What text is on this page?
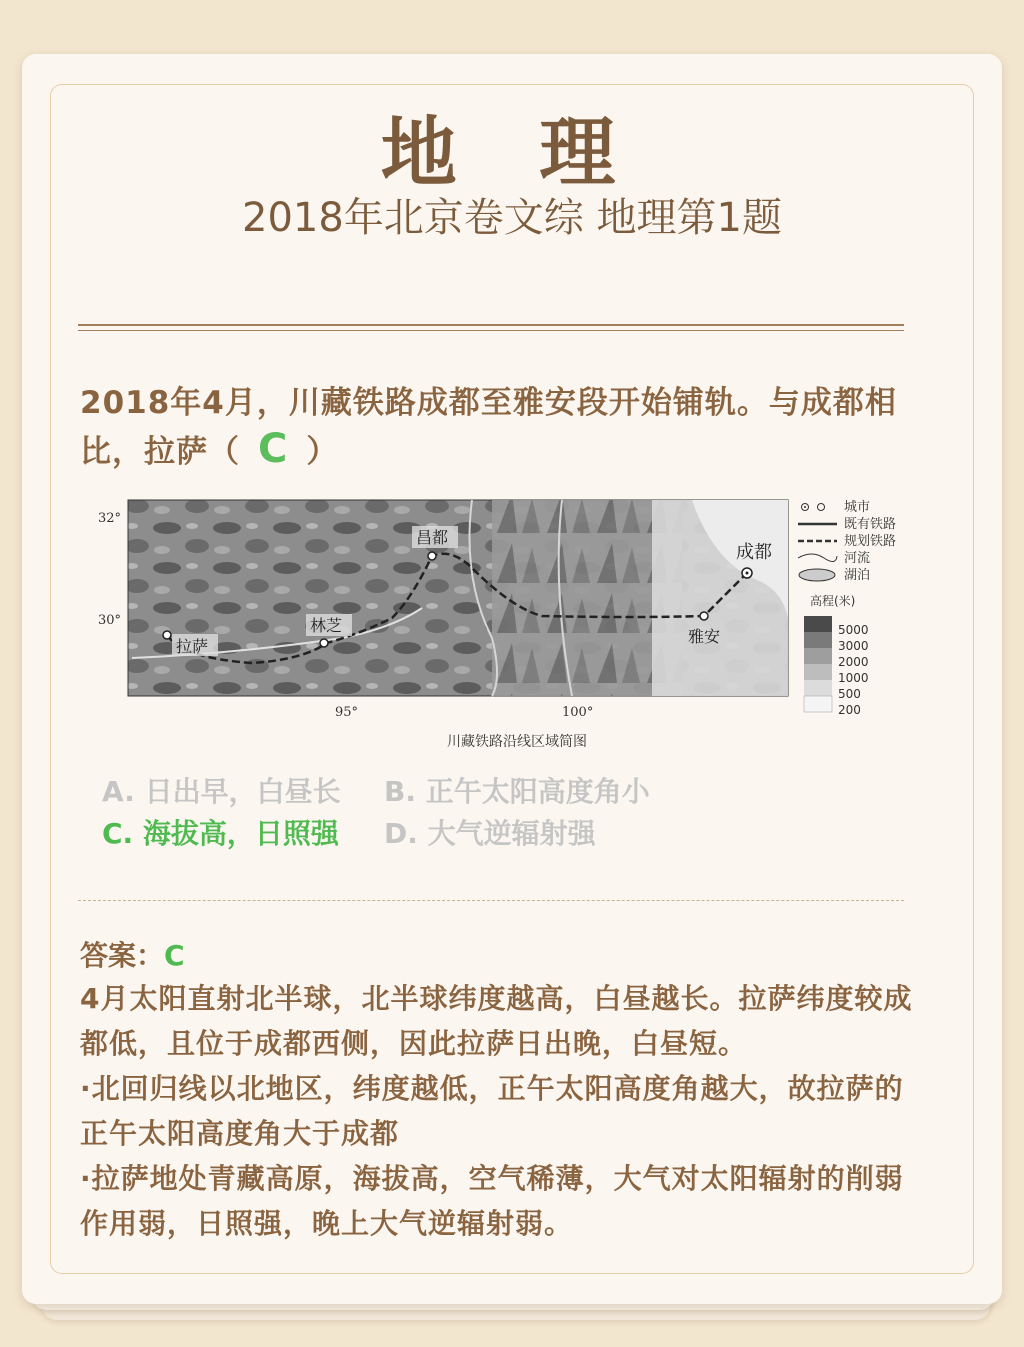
地 理
2018年北京卷文综 地理第1题
2018年4月，川藏铁路成都至雅安段开始铺轨。与成都相比，拉萨（ C ）
拉萨
林芝
昌都
成都
雅安
32°
30°
95°	100°
川藏铁路沿线区域简图
城市
既有铁路
规划铁路
河流
湖泊
高程(米)
5000
3000
2000
1000
500
200
A. 日出早，白昼长 B. 正午太阳高度角小
C. 海拔高，日照强 D. 大气逆辐射强
答案：C
4月太阳直射北半球，北半球纬度越高，白昼越长。拉萨纬度较成都低，且位于成都西侧，因此拉萨日出晚，白昼短。
·北回归线以北地区，纬度越低，正午太阳高度角越大，故拉萨的正午太阳高度角大于成都
·拉萨地处青藏高原，海拔高，空气稀薄，大气对太阳辐射的削弱作用弱，日照强，晚上大气逆辐射弱。
